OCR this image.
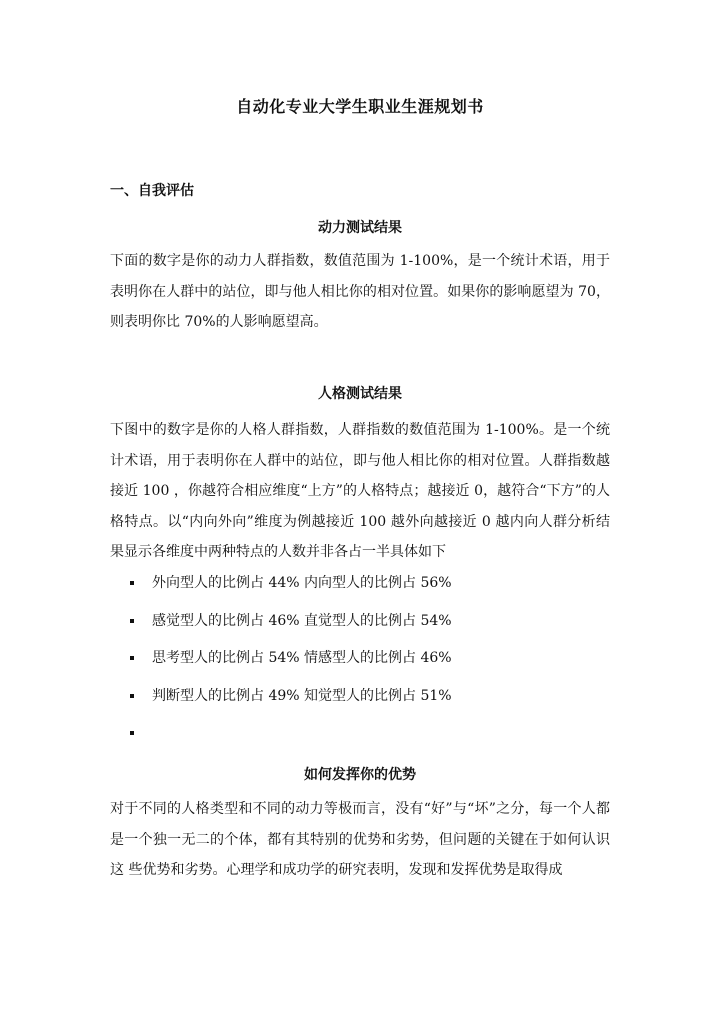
自动化专业大学生职业生涯规划书
一、自我评估
动力测试结果
下面的数字是你的动力人群指数，数值范围为 1-100%，是一个统计术语，用于表明你在人群中的站位，即与他人相比你的相对位置。如果你的影响愿望为 70，则表明你比 70%的人影响愿望高。
人格测试结果
下图中的数字是你的人格人群指数，人群指数的数值范围为 1-100%。是一个统计术语，用于表明你在人群中的站位，即与他人相比你的相对位置。人群指数越接近 100 ，你越符合相应维度“上方”的人格特点；越接近 0，越符合“下方”的人格特点。以“内向外向”维度为例越接近 100 越外向越接近 0 越内向人群分析结果显示各维度中两种特点的人数并非各占一半具体如下
外向型人的比例占 44% 内向型人的比例占 56%
感觉型人的比例占 46% 直觉型人的比例占 54%
思考型人的比例占 54% 情感型人的比例占 46%
判断型人的比例占 49% 知觉型人的比例占 51%
如何发挥你的优势
对于不同的人格类型和不同的动力等极而言，没有“好”与“坏”之分，每一个人都是一个独一无二的个体，都有其特别的优势和劣势，但问题的关键在于如何认识这 些优势和劣势。心理学和成功学的研究表明，发现和发挥优势是取得成
